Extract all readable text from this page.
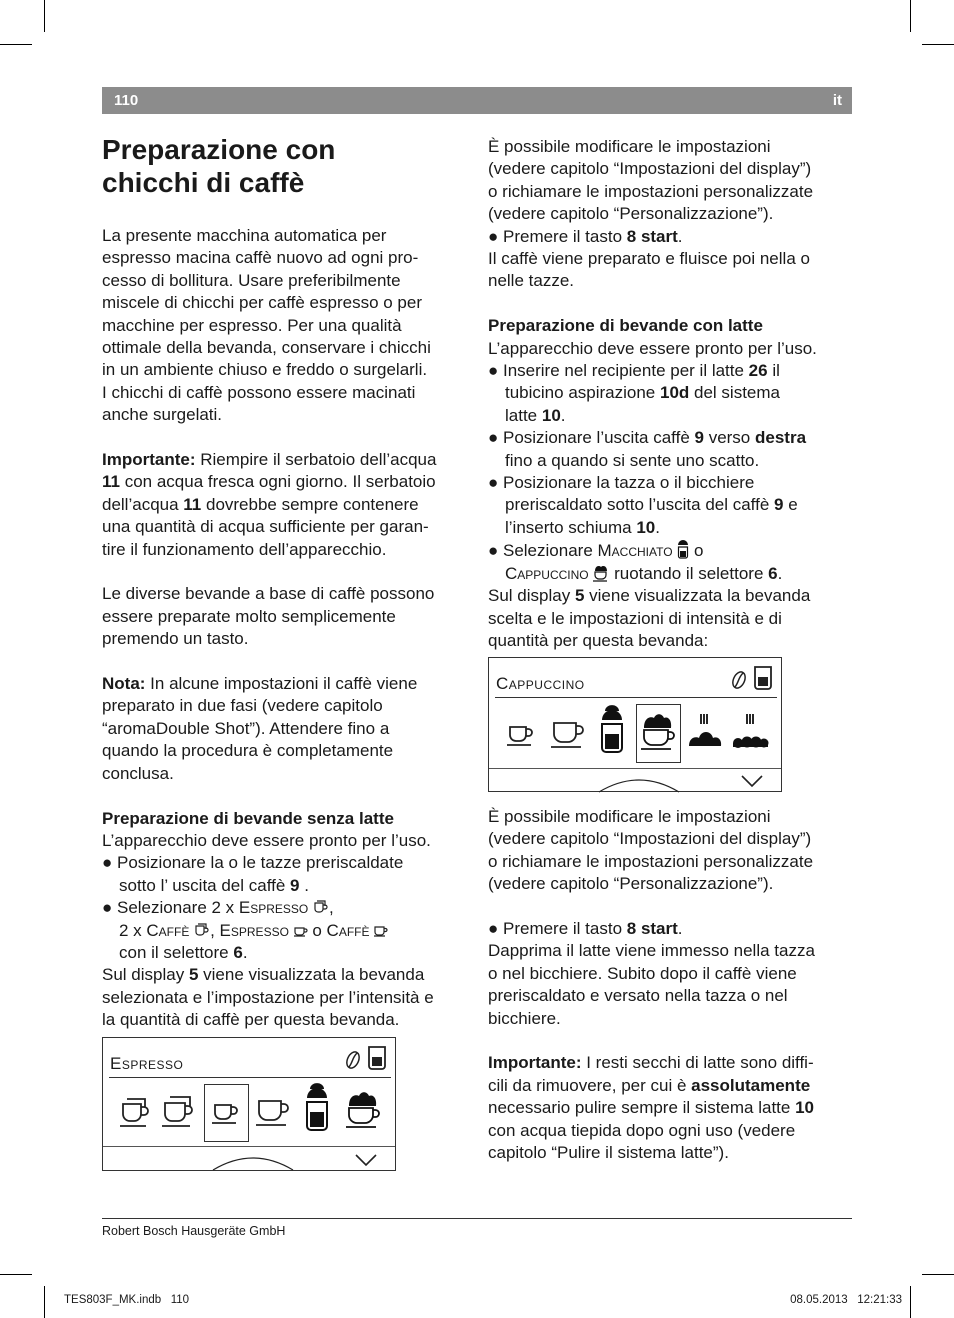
110	it
Preparazione con
chicchi di caffè

La presente macchina automatica per

espresso macina caffè nuovo ad ogni pro-

cesso di bollitura. Usare preferibilmente

miscele di chicchi per caffè espresso o per

macchine per espresso. Per una qualità

ottimale della bevanda, conservare i chicchi

in un ambiente chiuso e freddo o surgelarli.

I chicchi di caffè possono essere macinati

anche surgelati.

Importante: Riempire il serbatoio dell’acqua

11 con acqua fresca ogni giorno. Il serbatoio

dell’acqua 11 dovrebbe sempre contenere

una quantità di acqua sufficiente per garan-

tire il funzionamento dell’apparecchio.

Le diverse bevande a base di caffè possono

essere preparate molto semplicemente

premendo un tasto.

Nota: In alcune impostazioni il caffè viene

preparato in due fasi (vedere capitolo

“aromaDouble Shot”). Attendere fino a

quando la procedura è completamente

conclusa.

Preparazione di bevande senza latte

L’apparecchio deve essere pronto per l’uso.

● Posizionare la o le tazze preriscaldate

sotto l’ uscita del caffè 9 .

● Selezionare 2 x Espresso ,

2 x Caffè , Espresso  o Caffè

con il selettore 6.

Sul display 5 viene visualizzata la bevanda

selezionata e l’impostazione per l’intensità e

la quantità di caffè per questa bevanda.

Espresso

È possibile modificare le impostazioni

(vedere capitolo “Impostazioni del display”)

o richiamare le impostazioni personalizzate

(vedere capitolo “Personalizzazione”).

● Premere il tasto 8 start.

Il caffè viene preparato e fluisce poi nella o

nelle tazze.

Preparazione di bevande con latte

L’apparecchio deve essere pronto per l’uso.

● Inserire nel recipiente per il latte 26 il

tubicino aspirazione 10d del sistema

latte 10.

● Posizionare l’uscita caffè 9 verso destra

fino a quando si sente uno scatto.

● Posizionare la tazza o il bicchiere

preriscaldato sotto l’uscita del caffè 9 e

l’inserto schiuma 10.

● Selezionare Macchiato  o

Cappuccino  ruotando il selettore 6.

Sul display 5 viene visualizzata la bevanda

scelta e le impostazioni di intensità e di

quantità per questa bevanda:

Cappuccino

È possibile modificare le impostazioni

(vedere capitolo “Impostazioni del display”)

o richiamare le impostazioni personalizzate

(vedere capitolo “Personalizzazione”).

● Premere il tasto 8 start.

Dapprima il latte viene immesso nella tazza

o nel bicchiere. Subito dopo il caffè viene

preriscaldato e versato nella tazza o nel

bicchiere.

Importante: I resti secchi di latte sono diffi-

cili da rimuovere, per cui è assolutamente

necessario pulire sempre il sistema latte 10

con acqua tiepida dopo ogni uso (vedere

capitolo “Pulire il sistema latte”).

Robert Bosch Hausgeräte GmbH
TES803F_MK.indb   110	08.05.2013   12:21:33
